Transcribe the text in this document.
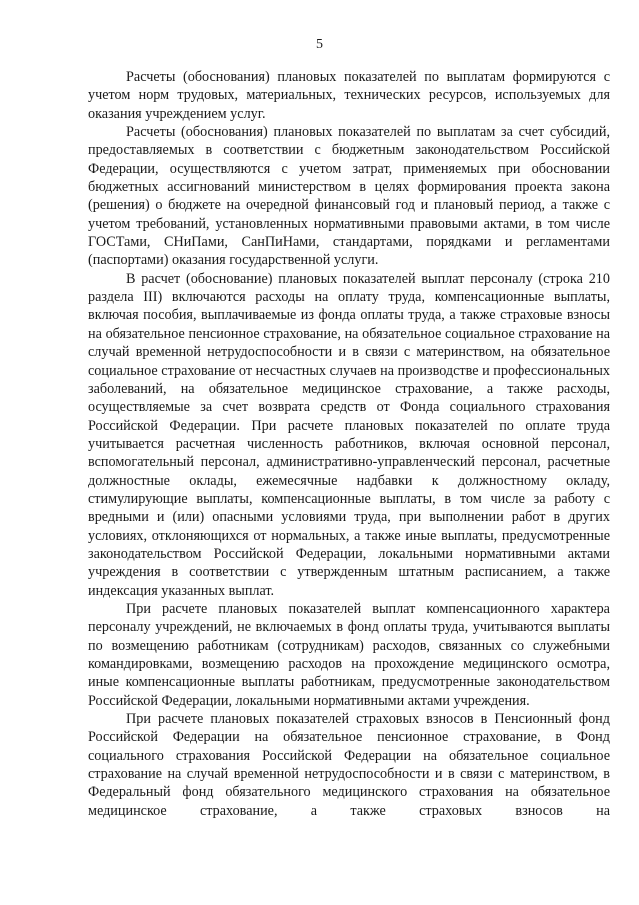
5

Расчеты (обоснования) плановых показателей по выплатам формируются с учетом норм трудовых, материальных, технических ресурсов, используемых для оказания учреждением услуг.

Расчеты (обоснования) плановых показателей по выплатам за счет субсидий, предоставляемых в соответствии с бюджетным законодательством Российской Федерации, осуществляются с учетом затрат, применяемых при обосновании бюджетных ассигнований министерством в целях формирования проекта закона (решения) о бюджете на очередной финансовый год и плановый период, а также с учетом требований, установленных нормативными правовыми актами, в том числе ГОСТами, СНиПами, СанПиНами, стандартами, порядками и регламентами (паспортами) оказания государственной услуги.

В расчет (обоснование) плановых показателей выплат персоналу (строка 210 раздела III) включаются расходы на оплату труда, компенсационные выплаты, включая пособия, выплачиваемые из фонда оплаты труда, а также страховые взносы на обязательное пенсионное страхование, на обязательное социальное страхование на случай временной нетрудоспособности и в связи с материнством, на обязательное социальное страхование от несчастных случаев на производстве и профессиональных заболеваний, на обязательное медицинское страхование, а также расходы, осуществляемые за счет возврата средств от Фонда социального страхования Российской Федерации. При расчете плановых показателей по оплате труда учитывается расчетная численность работников, включая основной персонал, вспомогательный персонал, административно-управленческий персонал, расчетные должностные оклады, ежемесячные надбавки к должностному окладу, стимулирующие выплаты, компенсационные выплаты, в том числе за работу с вредными и (или) опасными условиями труда, при выполнении работ в других условиях, отклоняющихся от нормальных, а также иные выплаты, предусмотренные законодательством Российской Федерации, локальными нормативными актами учреждения в соответствии с утвержденным штатным расписанием, а также индексация указанных выплат.

При расчете плановых показателей выплат компенсационного характера персоналу учреждений, не включаемых в фонд оплаты труда, учитываются выплаты по возмещению работникам (сотрудникам) расходов, связанных со служебными командировками, возмещению расходов на прохождение медицинского осмотра, иные компенсационные выплаты работникам, предусмотренные законодательством Российской Федерации, локальными нормативными актами учреждения.

При расчете плановых показателей страховых взносов в Пенсионный фонд Российской Федерации на обязательное пенсионное страхование, в Фонд социального страхования Российской Федерации на обязательное социальное страхование на случай временной нетрудоспособности и в связи с материнством, в Федеральный фонд обязательного медицинского страхования на обязательное медицинское страхование, а также страховых взносов на
